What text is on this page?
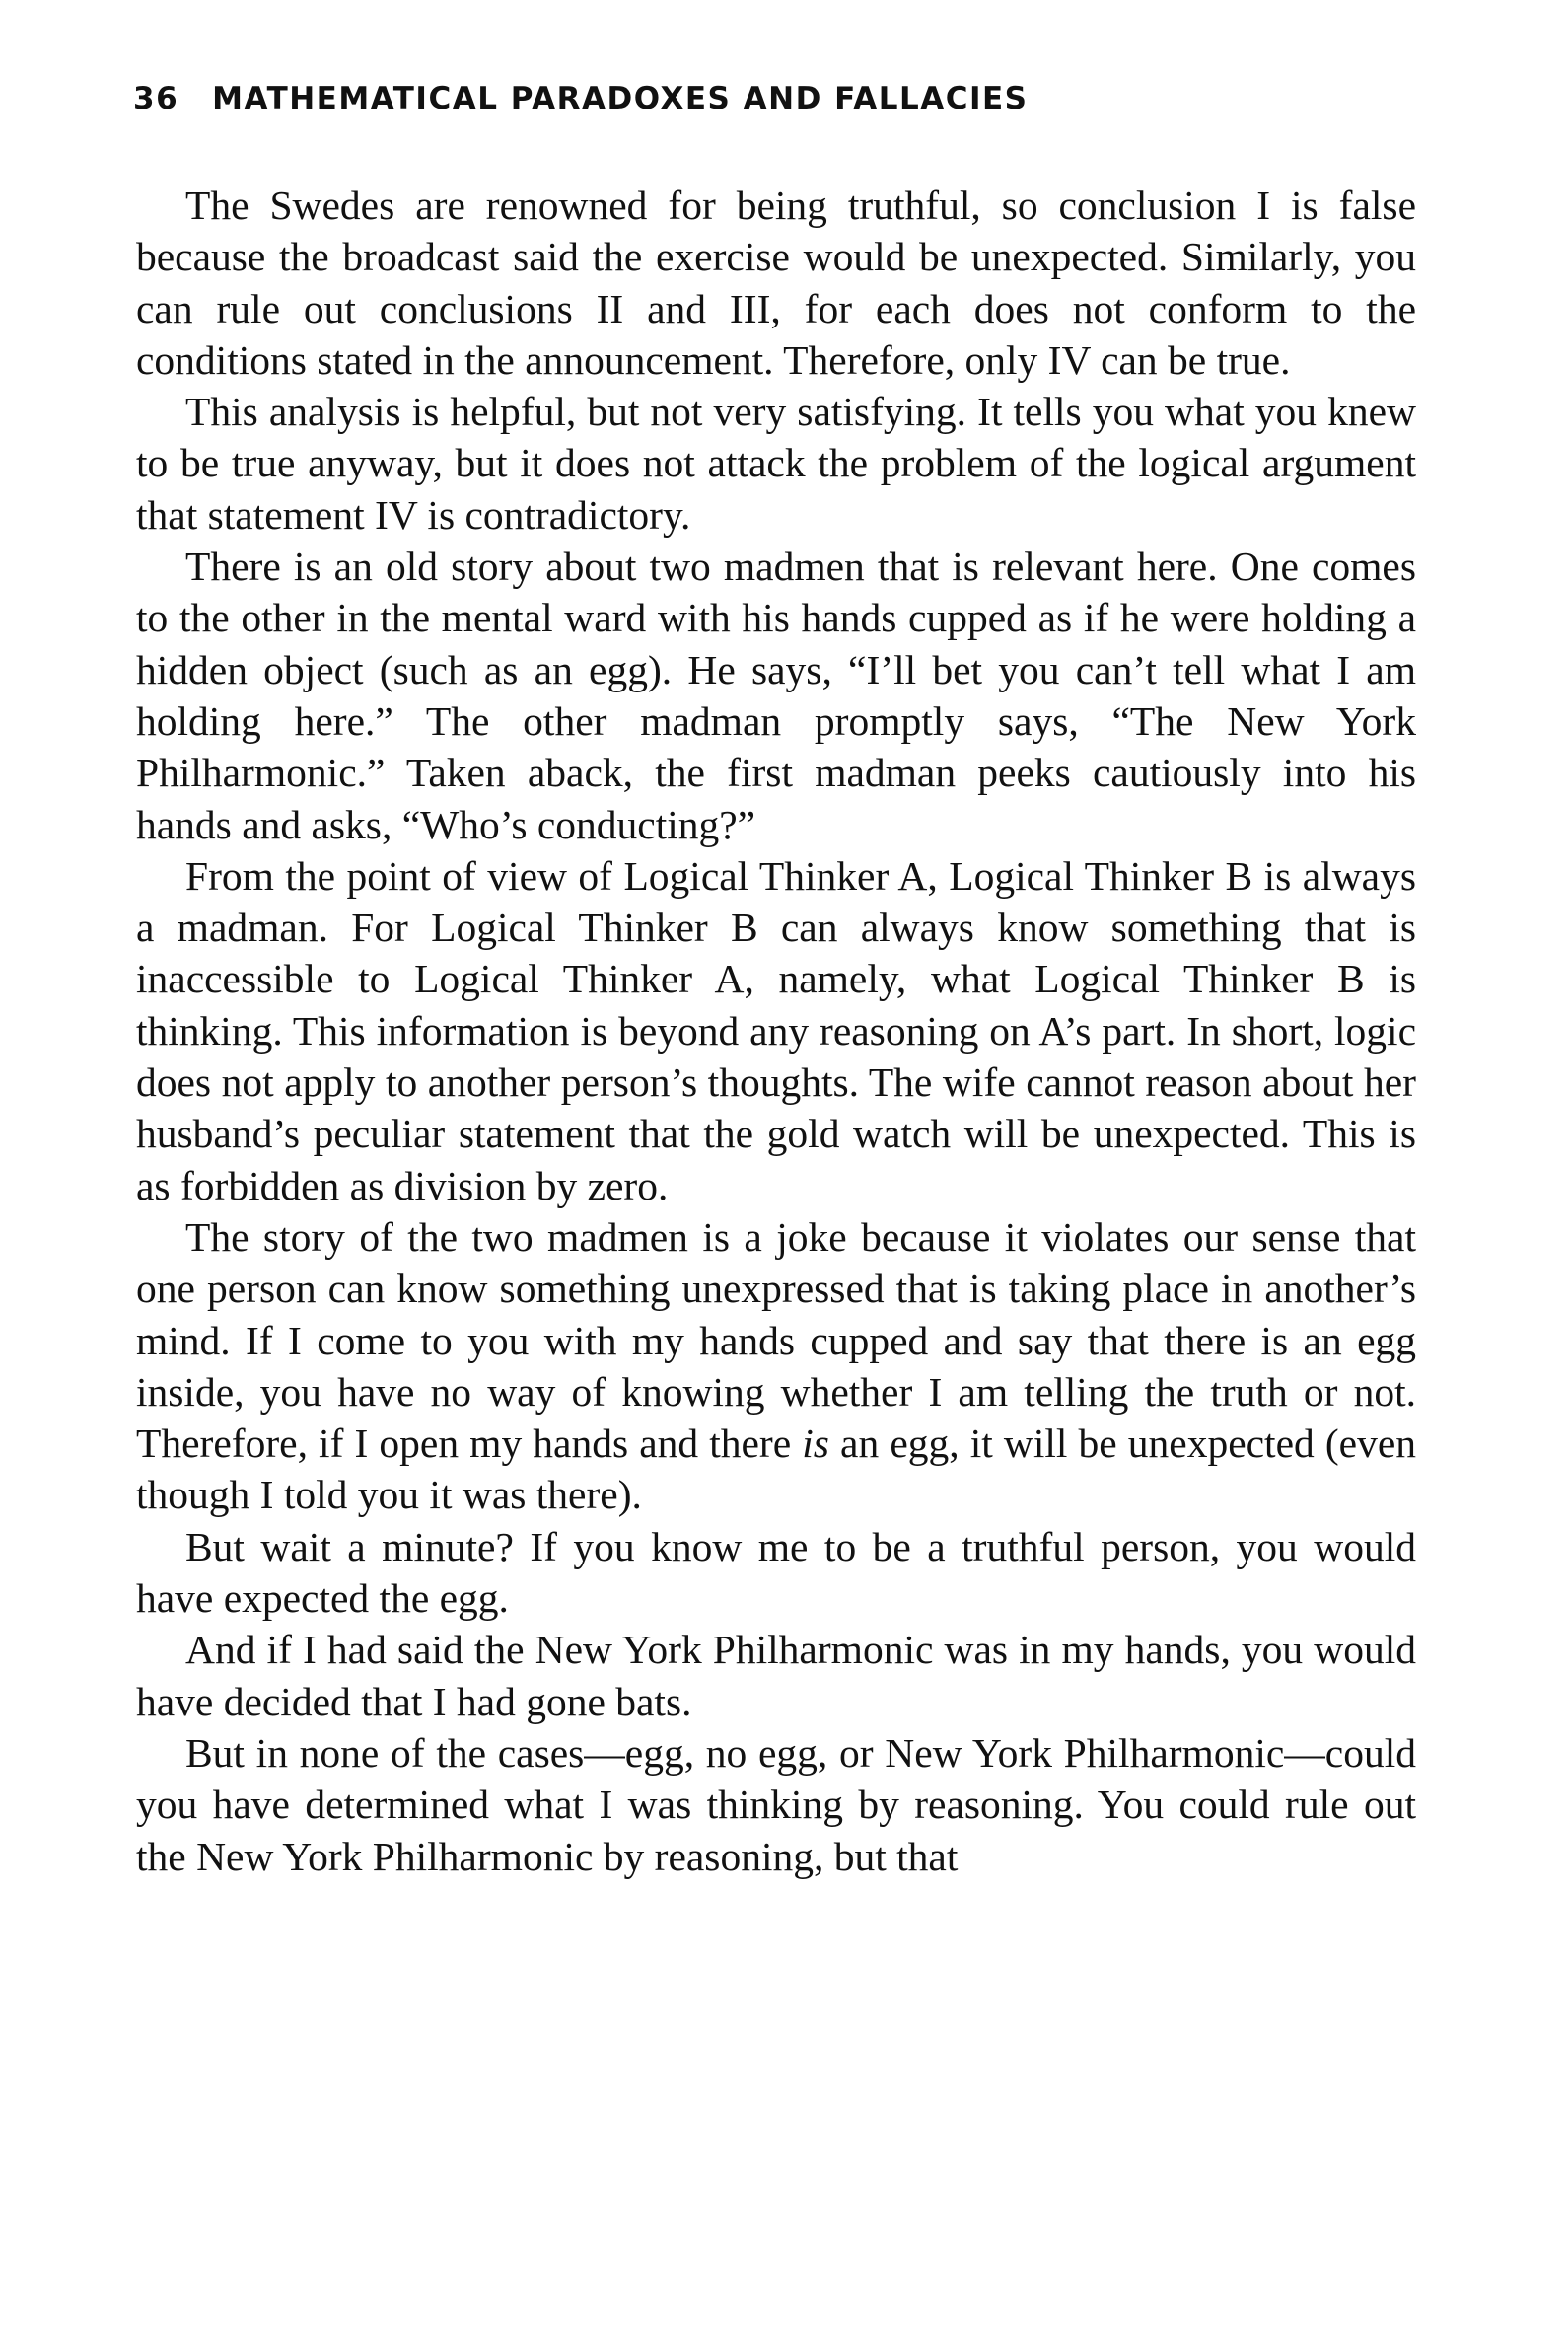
36 MATHEMATICAL PARADOXES AND FALLACIES

The Swedes are renowned for being truthful, so conclusion I is false because the broadcast said the exercise would be unexpected. Similarly, you can rule out conclusions II and III, for each does not conform to the conditions stated in the announcement. Therefore, only IV can be true.

This analysis is helpful, but not very satisfying. It tells you what you knew to be true anyway, but it does not attack the problem of the logical argument that statement IV is contradictory.

There is an old story about two madmen that is relevant here. One comes to the other in the mental ward with his hands cupped as if he were holding a hidden object (such as an egg). He says, “I’ll bet you can’t tell what I am holding here.” The other madman promptly says, “The New York Philharmonic.” Taken aback, the first madman peeks cautiously into his hands and asks, “Who’s conducting?”

From the point of view of Logical Thinker A, Logical Thinker B is always a madman. For Logical Thinker B can always know something that is inaccessible to Logical Thinker A, namely, what Logical Thinker B is thinking. This information is beyond any reasoning on A’s part. In short, logic does not apply to another person’s thoughts. The wife cannot reason about her husband’s peculiar statement that the gold watch will be unexpected. This is as forbidden as division by zero.

The story of the two madmen is a joke because it violates our sense that one person can know something unexpressed that is taking place in another’s mind. If I come to you with my hands cupped and say that there is an egg inside, you have no way of knowing whether I am telling the truth or not. Therefore, if I open my hands and there is an egg, it will be unexpected (even though I told you it was there).

But wait a minute? If you know me to be a truthful person, you would have expected the egg.

And if I had said the New York Philharmonic was in my hands, you would have decided that I had gone bats.

But in none of the cases—egg, no egg, or New York Philharmonic—could you have determined what I was thinking by reasoning. You could rule out the New York Philharmonic by reasoning, but that
